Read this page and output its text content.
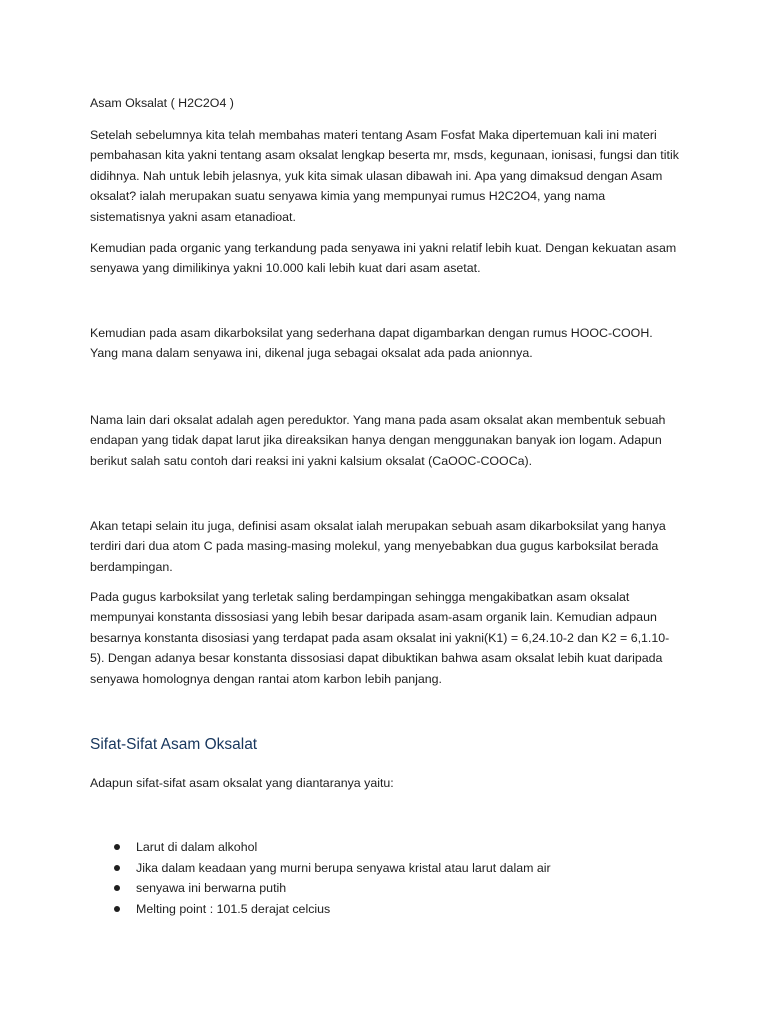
Asam Oksalat ( H2C2O4 )

Setelah sebelumnya kita telah membahas materi tentang Asam Fosfat Maka dipertemuan kali ini materi pembahasan kita yakni tentang asam oksalat lengkap beserta mr, msds, kegunaan, ionisasi, fungsi dan titik didihnya. Nah untuk lebih jelasnya, yuk kita simak ulasan dibawah ini. Apa yang dimaksud dengan Asam oksalat? ialah merupakan suatu senyawa kimia yang mempunyai rumus H2C2O4, yang nama sistematisnya yakni asam etanadioat.

Kemudian pada organic yang terkandung pada senyawa ini yakni relatif lebih kuat. Dengan kekuatan asam senyawa yang dimilikinya yakni 10.000 kali lebih kuat dari asam asetat.

Kemudian pada asam dikarboksilat yang sederhana dapat digambarkan dengan rumus HOOC-COOH. Yang mana dalam senyawa ini, dikenal juga sebagai oksalat ada pada anionnya.

Nama lain dari oksalat adalah agen pereduktor. Yang mana pada asam oksalat akan membentuk sebuah endapan yang tidak dapat larut jika direaksikan hanya dengan menggunakan banyak ion logam. Adapun berikut salah satu contoh dari reaksi ini yakni kalsium oksalat (CaOOC-COOCa).

Akan tetapi selain itu juga, definisi asam oksalat ialah merupakan sebuah asam dikarboksilat yang hanya terdiri dari dua atom C pada masing-masing molekul, yang menyebabkan dua gugus karboksilat berada berdampingan.

Pada gugus karboksilat yang terletak saling berdampingan sehingga mengakibatkan asam oksalat mempunyai konstanta dissosiasi yang lebih besar daripada asam-asam organik lain. Kemudian adpaun besarnya konstanta disosiasi yang terdapat pada asam oksalat ini yakni(K1) = 6,24.10-2 dan K2 = 6,1.10-5). Dengan adanya besar konstanta dissosiasi dapat dibuktikan bahwa asam oksalat lebih kuat daripada senyawa homolognya dengan rantai atom karbon lebih panjang.

Sifat-Sifat Asam Oksalat

Adapun sifat-sifat asam oksalat yang diantaranya yaitu:

Larut di dalam alkohol
Jika dalam keadaan yang murni berupa senyawa kristal atau larut dalam air
senyawa ini berwarna putih
Melting point : 101.5 derajat celcius
